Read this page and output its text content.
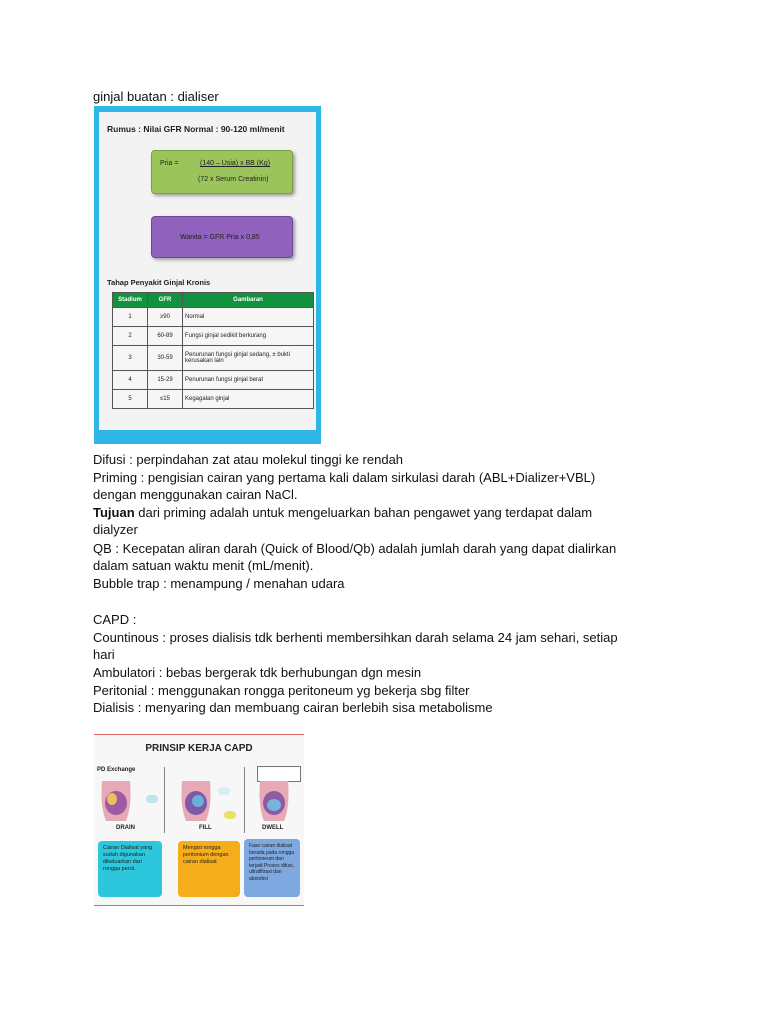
ginjal buatan : dialiser
Rumus : Nilai GFR Normal : 90-120 ml/menit
Pria =	(140 – Usia) x BB (Kg)
(72 x Serum Creatinin)
Wanita = GFR Pria x 0,85
Tahap Penyakit Ginjal Kronis
Stadium	GFR	Gambaran
1	≥90	Normal
2	60-89	Fungsi ginjal sedikit berkurang
3	30-59	Penurunan fungsi ginjal sedang, ± bukti kerusakan lain
4	15-29	Penurunan fungsi ginjal berat
5	≤15	Kegagalan ginjal
Difusi : perpindahan zat atau molekul tinggi ke rendah
Priming : pengisian cairan yang pertama kali dalam sirkulasi darah (ABL+Dializer+VBL)
dengan menggunakan cairan NaCl.
Tujuan dari priming adalah untuk mengeluarkan bahan pengawet yang terdapat dalam
dialyzer
QB : Kecepatan aliran darah (Quick of Blood/Qb) adalah jumlah darah yang dapat dialirkan
dalam satuan waktu menit (mL/menit).
Bubble trap : menampung / menahan udara
CAPD :
Countinous : proses dialisis tdk berhenti membersihkan darah selama 24 jam sehari, setiap
hari
Ambulatori : bebas bergerak tdk berhubungan dgn mesin
Peritonial : menggunakan rongga peritoneum yg bekerja sbg filter
Dialisis : menyaring dan membuang cairan berlebih sisa metabolisme
PRINSIP KERJA CAPD
PD Exchange
DRAIN	FILL	DWELL
Cairan Dialisat yang sudah digunakan dikeluarkan dari rongga perut.
Mengisi rongga peritonium dengan cairan dialisat
Fase cairan dialisat berada pada rongga peritoneum dan terjadi Proses difusi, ultrafiltrasi dan absorbsi
